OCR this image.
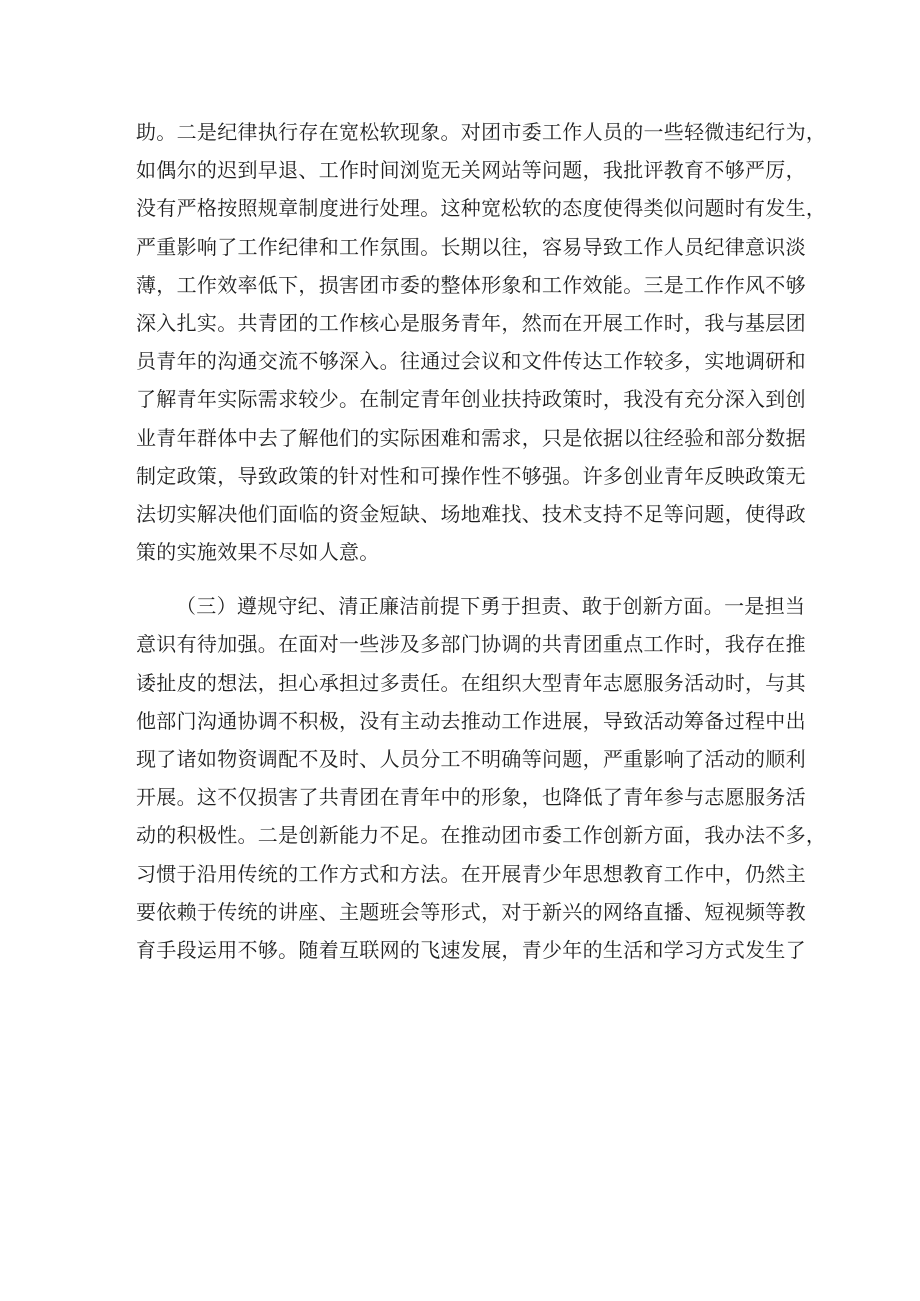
助。二是纪律执行存在宽松软现象。对团市委工作人员的一些轻微违纪行为，
如偶尔的迟到早退、工作时间浏览无关网站等问题，我批评教育不够严厉，
没有严格按照规章制度进行处理。这种宽松软的态度使得类似问题时有发生，
严重影响了工作纪律和工作氛围。长期以往，容易导致工作人员纪律意识淡
薄，工作效率低下，损害团市委的整体形象和工作效能。三是工作作风不够
深入扎实。共青团的工作核心是服务青年，然而在开展工作时，我与基层团
员青年的沟通交流不够深入。往通过会议和文件传达工作较多，实地调研和
了解青年实际需求较少。在制定青年创业扶持政策时，我没有充分深入到创
业青年群体中去了解他们的实际困难和需求，只是依据以往经验和部分数据
制定政策，导致政策的针对性和可操作性不够强。许多创业青年反映政策无
法切实解决他们面临的资金短缺、场地难找、技术支持不足等问题，使得政
策的实施效果不尽如人意。
（三）遵规守纪、清正廉洁前提下勇于担责、敢于创新方面。一是担当
意识有待加强。在面对一些涉及多部门协调的共青团重点工作时，我存在推
诿扯皮的想法，担心承担过多责任。在组织大型青年志愿服务活动时，与其
他部门沟通协调不积极，没有主动去推动工作进展，导致活动筹备过程中出
现了诸如物资调配不及时、人员分工不明确等问题，严重影响了活动的顺利
开展。这不仅损害了共青团在青年中的形象，也降低了青年参与志愿服务活
动的积极性。二是创新能力不足。在推动团市委工作创新方面，我办法不多，
习惯于沿用传统的工作方式和方法。在开展青少年思想教育工作中，仍然主
要依赖于传统的讲座、主题班会等形式，对于新兴的网络直播、短视频等教
育手段运用不够。随着互联网的飞速发展，青少年的生活和学习方式发生了
